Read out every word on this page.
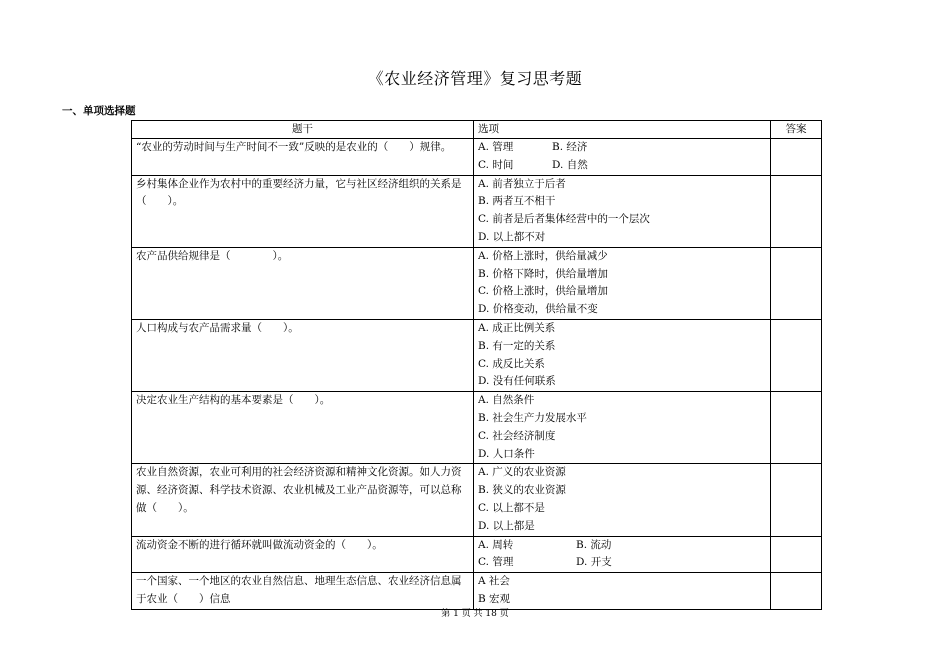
《农业经济管理》复习思考题
一、单项选择题
题干	选项	答案
“农业的劳动时间与生产时间不一致”反映的是农业的（　　）规律。	A. 管理 B. 经济
C. 时间 D. 自然	

乡村集体企业作为农村中的重要经济力量，它与社区经济组织的关系是（　　）。	A. 前者独立于后者
B. 两者互不相干
C. 前者是后者集体经营中的一个层次
D. 以上都不对	

农产品供给规律是（　　　　）。	A. 价格上涨时，供给量减少
B. 价格下降时，供给量增加
C. 价格上涨时，供给量增加
D. 价格变动，供给量不变	

人口构成与农产品需求量（　　）。	A. 成正比例关系
B. 有一定的关系
C. 成反比关系
D. 没有任何联系	

决定农业生产结构的基本要素是（　　）。	A. 自然条件
B. 社会生产力发展水平
C. 社会经济制度
D. 人口条件	

农业自然资源，农业可利用的社会经济资源和精神文化资源。如人力资源、经济资源、科学技术资源、农业机械及工业产品资源等，可以总称做（　　）。	A. 广义的农业资源
B. 狭义的农业资源
C. 以上都不是
D. 以上都是	

流动资金不断的进行循环就叫做流动资金的（　　）。	A. 周转 B. 流动
C. 管理 D. 开支	

一个国家、一个地区的农业自然信息、地理生态信息、农业经济信息属于农业（　　）信息	A 社会
B 宏观	

第 1 页 共 18 页
